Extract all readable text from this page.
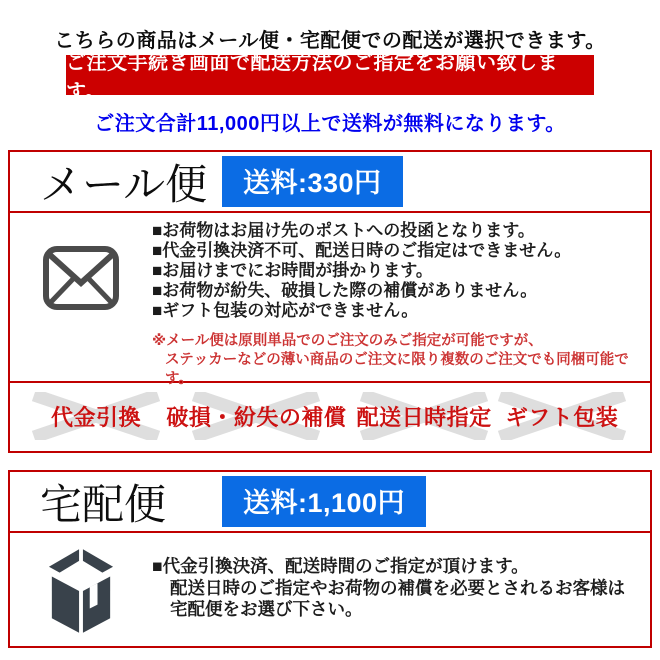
こちらの商品はメール便・宅配便での配送が選択できます。
ご注文手続き画面で配送方法のご指定をお願い致します。
ご注文合計11,000円以上で送料が無料になります。
メール便	送料:330円
■お荷物はお届け先のポストへの投函となります。
■代金引換決済不可、配送日時のご指定はできません。
■お届けまでにお時間が掛かります。
■お荷物が紛失、破損した際の補償がありません。
■ギフト包装の対応ができません。
※メール便は原則単品でのご注文のみご指定が可能ですが、
ステッカーなどの薄い商品のご注文に限り複数のご注文でも同梱可能です。
代金引換 破損・紛失の補償 配送日時指定 ギフト包装
宅配便	送料:1,100円
■代金引換決済、配送時間のご指定が頂けます。
配送日時のご指定やお荷物の補償を必要とされるお客様は
宅配便をお選び下さい。
